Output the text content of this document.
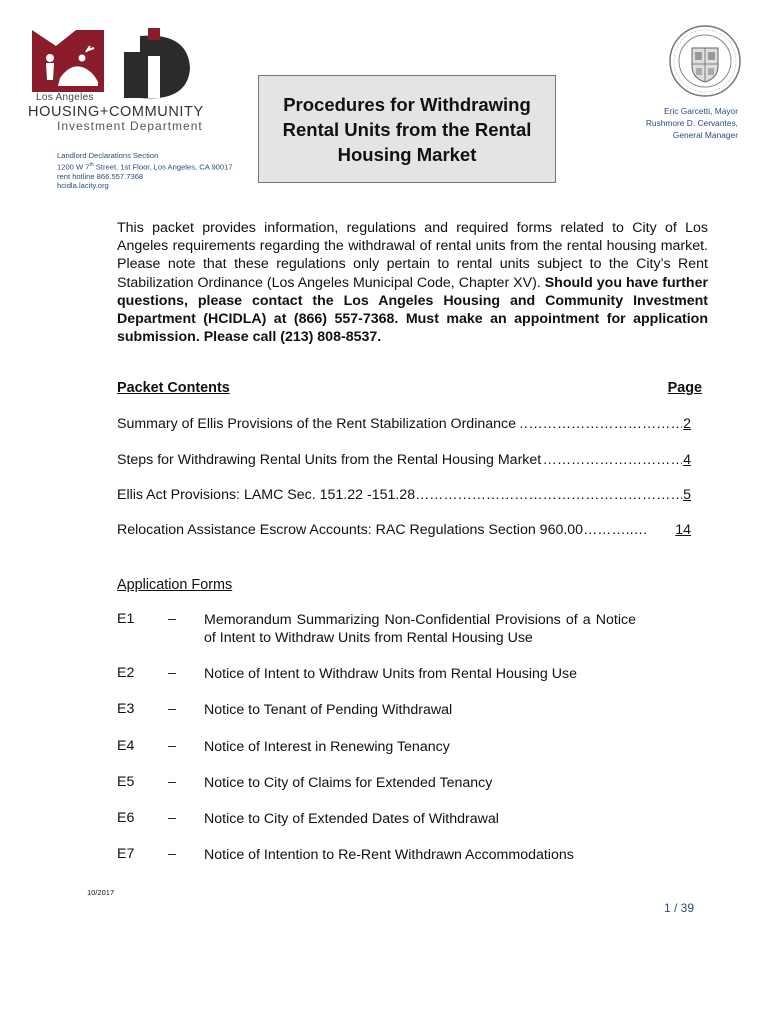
Los Angeles
HOUSING+COMMUNITY
Investment Department
Landlord Declarations Section
1200 W 7th Street, 1st Floor, Los Angeles, CA 90017
rent hotline 866.557.7368
hcidla.lacity.org
Procedures for Withdrawing
Rental Units from the Rental
Housing Market
Eric Garcetti, Mayor
Rushmore D. Cervantes,
General Manager
This packet provides information, regulations and required forms related to City of Los Angeles requirements regarding the withdrawal of rental units from the rental housing market. Please note that these regulations only pertain to rental units subject to the City’s Rent Stabilization Ordinance (Los Angeles Municipal Code, Chapter XV). Should you have further questions, please contact the Los Angeles Housing and Community Investment Department (HCIDLA) at (866) 557-7368. Must make an appointment for application submission. Please call (213) 808-8537.
Packet Contents	Page
Summary of Ellis Provisions of the Rent Stabilization Ordinance	2
Steps for Withdrawing Rental Units from the Rental Housing Market	4
Ellis Act Provisions: LAMC Sec. 151.22 -151.28	5
Relocation Assistance Escrow Accounts: RAC Regulations Section 960.00………..… 14
Application Forms
E1 – Memorandum Summarizing Non-Confidential Provisions of a Notice of Intent to Withdraw Units from Rental Housing Use
E2 – Notice of Intent to Withdraw Units from Rental Housing Use
E3 – Notice to Tenant of Pending Withdrawal
E4 – Notice of Interest in Renewing Tenancy
E5 – Notice to City of Claims for Extended Tenancy
E6 – Notice to City of Extended Dates of Withdrawal
E7 – Notice of Intention to Re-Rent Withdrawn Accommodations
10/2017
1 / 39
